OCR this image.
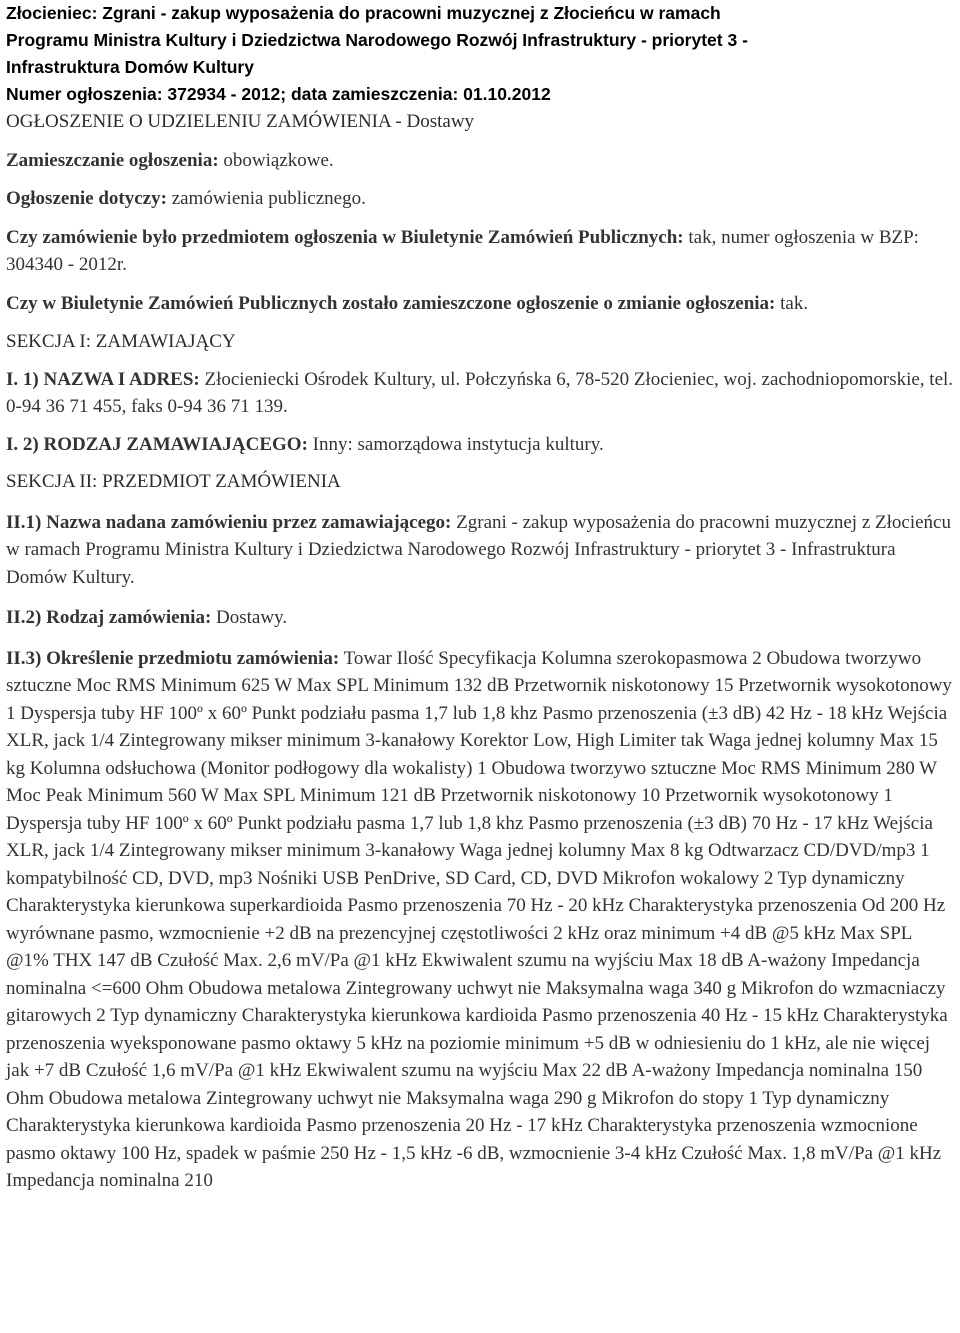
Złocieniec: Zgrani - zakup wyposażenia do pracowni muzycznej z Złocieńcu w ramach
Programu Ministra Kultury i Dziedzictwa Narodowego Rozwój Infrastruktury - priorytet 3 -
Infrastruktura Domów Kultury
Numer ogłoszenia: 372934 - 2012; data zamieszczenia: 01.10.2012

OGŁOSZENIE O UDZIELENIU ZAMÓWIENIA - Dostawy

Zamieszczanie ogłoszenia: obowiązkowe.

Ogłoszenie dotyczy: zamówienia publicznego.

Czy zamówienie było przedmiotem ogłoszenia w Biuletynie Zamówień Publicznych: tak, numer ogłoszenia w BZP: 304340 - 2012r.

Czy w Biuletynie Zamówień Publicznych zostało zamieszczone ogłoszenie o zmianie ogłoszenia: tak.

SEKCJA I: ZAMAWIAJĄCY

I. 1) NAZWA I ADRES: Złocieniecki Ośrodek Kultury, ul. Połczyńska 6, 78-520 Złocieniec, woj. zachodniopomorskie, tel. 0-94 36 71 455, faks 0-94 36 71 139.

I. 2) RODZAJ ZAMAWIAJĄCEGO: Inny: samorządowa instytucja kultury.

SEKCJA II: PRZEDMIOT ZAMÓWIENIA

II.1) Nazwa nadana zamówieniu przez zamawiającego: Zgrani - zakup wyposażenia do pracowni muzycznej z Złocieńcu w ramach Programu Ministra Kultury i Dziedzictwa Narodowego Rozwój Infrastruktury - priorytet 3 - Infrastruktura Domów Kultury.

II.2) Rodzaj zamówienia: Dostawy.

II.3) Określenie przedmiotu zamówienia: Towar Ilość Specyfikacja Kolumna szerokopasmowa 2 Obudowa tworzywo sztuczne Moc RMS Minimum 625 W Max SPL Minimum 132 dB Przetwornik niskotonowy 15 Przetwornik wysokotonowy 1 Dyspersja tuby HF 100º x 60º Punkt podziału pasma 1,7 lub 1,8 khz Pasmo przenoszenia (±3 dB) 42 Hz - 18 kHz Wejścia XLR, jack 1/4 Zintegrowany mikser minimum 3-kanałowy Korektor Low, High Limiter tak Waga jednej kolumny Max 15 kg Kolumna odsłuchowa (Monitor podłogowy dla wokalisty) 1 Obudowa tworzywo sztuczne Moc RMS Minimum 280 W Moc Peak Minimum 560 W Max SPL Minimum 121 dB Przetwornik niskotonowy 10 Przetwornik wysokotonowy 1 Dyspersja tuby HF 100º x 60º Punkt podziału pasma 1,7 lub 1,8 khz Pasmo przenoszenia (±3 dB) 70 Hz - 17 kHz Wejścia XLR, jack 1/4 Zintegrowany mikser minimum 3-kanałowy Waga jednej kolumny Max 8 kg Odtwarzacz CD/DVD/mp3 1 kompatybilność CD, DVD, mp3 Nośniki USB PenDrive, SD Card, CD, DVD Mikrofon wokalowy 2 Typ dynamiczny Charakterystyka kierunkowa superkardioida Pasmo przenoszenia 70 Hz - 20 kHz Charakterystyka przenoszenia Od 200 Hz wyrównane pasmo, wzmocnienie +2 dB na prezencyjnej częstotliwości 2 kHz oraz minimum +4 dB @5 kHz Max SPL @1% THX 147 dB Czułość Max. 2,6 mV/Pa @1 kHz Ekwiwalent szumu na wyjściu Max 18 dB A-ważony Impedancja nominalna <=600 Ohm Obudowa metalowa Zintegrowany uchwyt nie Maksymalna waga 340 g Mikrofon do wzmacniaczy gitarowych 2 Typ dynamiczny Charakterystyka kierunkowa kardioida Pasmo przenoszenia 40 Hz - 15 kHz Charakterystyka przenoszenia wyeksponowane pasmo oktawy 5 kHz na poziomie minimum +5 dB w odniesieniu do 1 kHz, ale nie więcej jak +7 dB Czułość 1,6 mV/Pa @1 kHz Ekwiwalent szumu na wyjściu Max 22 dB A-ważony Impedancja nominalna 150 Ohm Obudowa metalowa Zintegrowany uchwyt nie Maksymalna waga 290 g Mikrofon do stopy 1 Typ dynamiczny Charakterystyka kierunkowa kardioida Pasmo przenoszenia 20 Hz - 17 kHz Charakterystyka przenoszenia wzmocnione pasmo oktawy 100 Hz, spadek w paśmie 250 Hz - 1,5 kHz -6 dB, wzmocnienie 3-4 kHz Czułość Max. 1,8 mV/Pa @1 kHz Impedancja nominalna 210
